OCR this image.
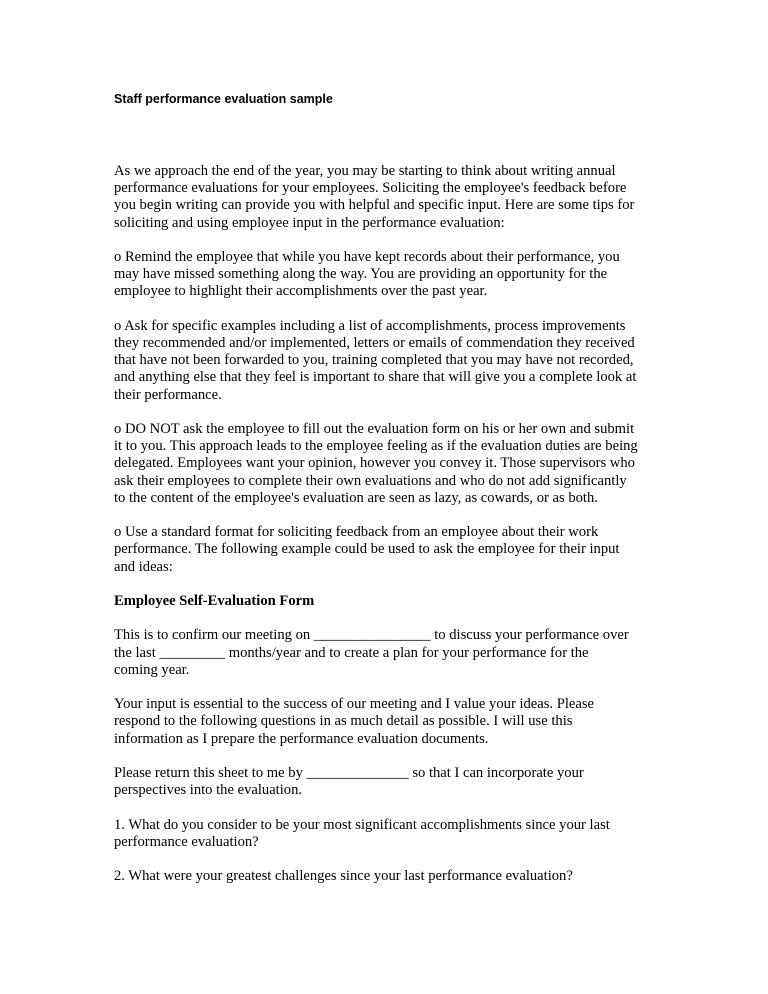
Staff performance evaluation sample

As we approach the end of the year, you may be starting to think about writing annual
performance evaluations for your employees. Soliciting the employee's feedback before
you begin writing can provide you with helpful and specific input. Here are some tips for
soliciting and using employee input in the performance evaluation:

o Remind the employee that while you have kept records about their performance, you
may have missed something along the way. You are providing an opportunity for the
employee to highlight their accomplishments over the past year.

o Ask for specific examples including a list of accomplishments, process improvements
they recommended and/or implemented, letters or emails of commendation they received
that have not been forwarded to you, training completed that you may have not recorded,
and anything else that they feel is important to share that will give you a complete look at
their performance.

o DO NOT ask the employee to fill out the evaluation form on his or her own and submit
it to you. This approach leads to the employee feeling as if the evaluation duties are being
delegated. Employees want your opinion, however you convey it. Those supervisors who
ask their employees to complete their own evaluations and who do not add significantly
to the content of the employee's evaluation are seen as lazy, as cowards, or as both.

o Use a standard format for soliciting feedback from an employee about their work
performance. The following example could be used to ask the employee for their input
and ideas:

Employee Self-Evaluation Form

This is to confirm our meeting on ________________ to discuss your performance over
the last _________ months/year and to create a plan for your performance for the
coming year.

Your input is essential to the success of our meeting and I value your ideas. Please
respond to the following questions in as much detail as possible. I will use this
information as I prepare the performance evaluation documents.

Please return this sheet to me by ______________ so that I can incorporate your
perspectives into the evaluation.

1. What do you consider to be your most significant accomplishments since your last
performance evaluation?

2. What were your greatest challenges since your last performance evaluation?
